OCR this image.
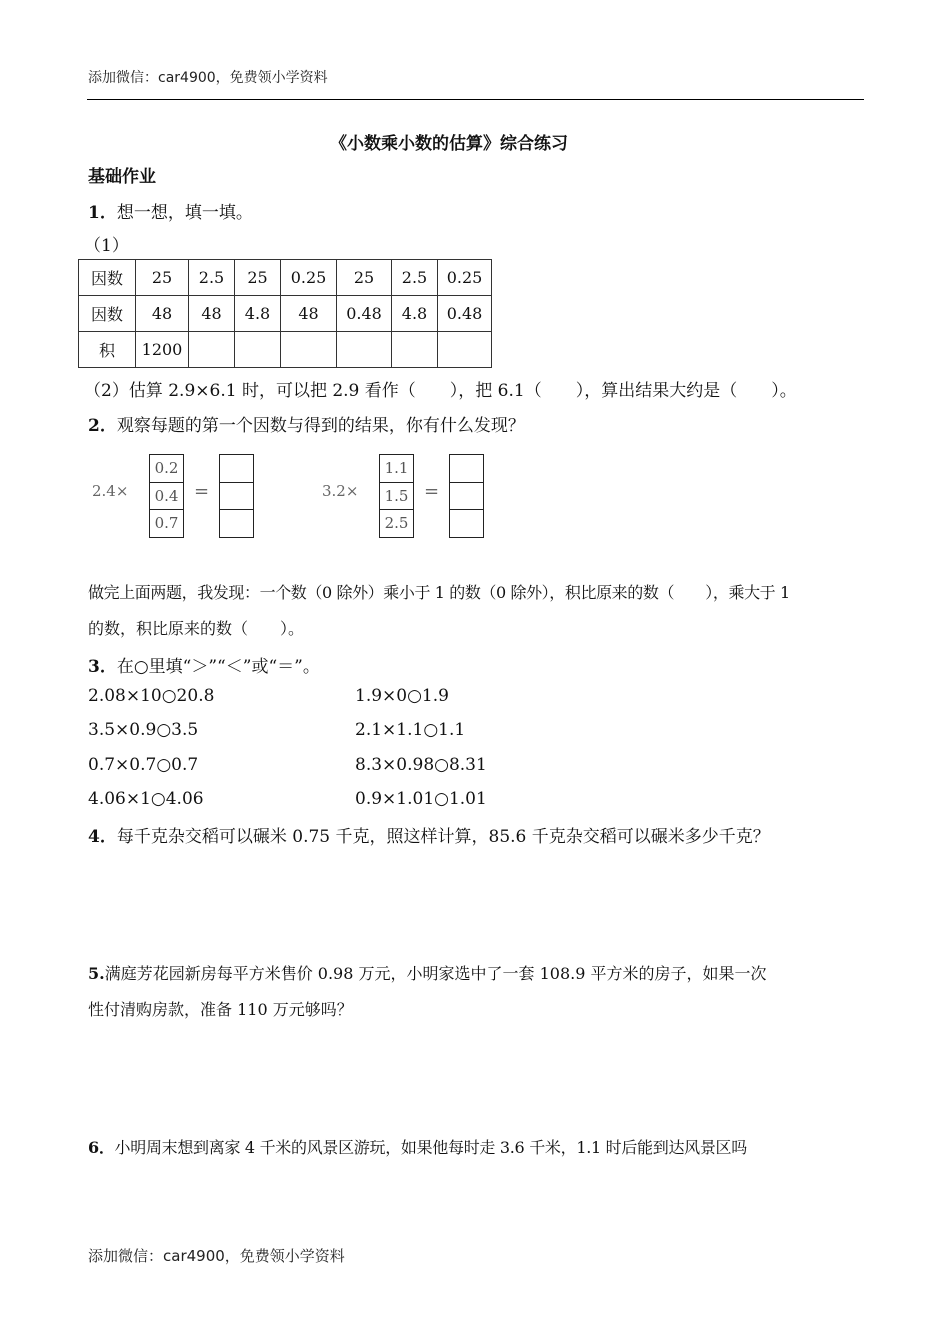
添加微信：car4900，免费领小学资料
《小数乘小数的估算》综合练习
基础作业
1．想一想，填一填。
（1）
因数	25	2.5	25	0.25	25	2.5	0.25
因数	48	48	4.8	48	0.48	4.8	0.48
积	1200						
（2）估算 2.9×6.1 时，可以把 2.9 看作（　　），把 6.1（　　），算出结果大约是（　　）。
2．观察每题的第一个因数与得到的结果，你有什么发现？
2.4×
0.2
0.4
0.7
=	3.2×
1.1
1.5
2.5
=
做完上面两题，我发现：一个数（0 除外）乘小于 1 的数（0 除外），积比原来的数（　　），乘大于 1
的数，积比原来的数（　　）。
3．在○里填“＞”“＜”或“＝”。
2.08×10○20.8	1.9×0○1.9
3.5×0.9○3.5	2.1×1.1○1.1
0.7×0.7○0.7	8.3×0.98○8.31
4.06×1○4.06	0.9×1.01○1.01
4．每千克杂交稻可以碾米 0.75 千克，照这样计算，85.6 千克杂交稻可以碾米多少千克？
5.满庭芳花园新房每平方米售价 0.98 万元，小明家选中了一套 108.9 平方米的房子，如果一次
性付清购房款，准备 110 万元够吗？
6．小明周末想到离家 4 千米的风景区游玩，如果他每时走 3.6 千米，1.1 时后能到达风景区吗
添加微信：car4900，免费领小学资料
